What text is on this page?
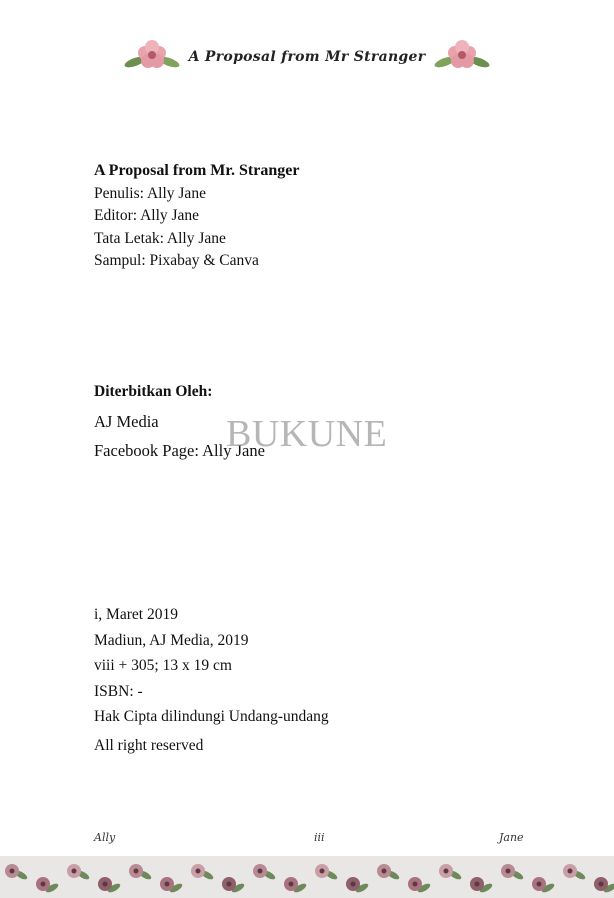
A Proposal from Mr Stranger
A Proposal from Mr. Stranger
Penulis: Ally Jane
Editor: Ally Jane
Tata Letak: Ally Jane
Sampul: Pixabay & Canva
Diterbitkan Oleh:
AJ Media
Facebook Page: Ally Jane
BUKUNE
i, Maret 2019
Madiun, AJ Media, 2019
viii + 305; 13 x 19 cm
ISBN: -
Hak Cipta dilindungi Undang-undang
All right reserved
Ally	iii	Jane
